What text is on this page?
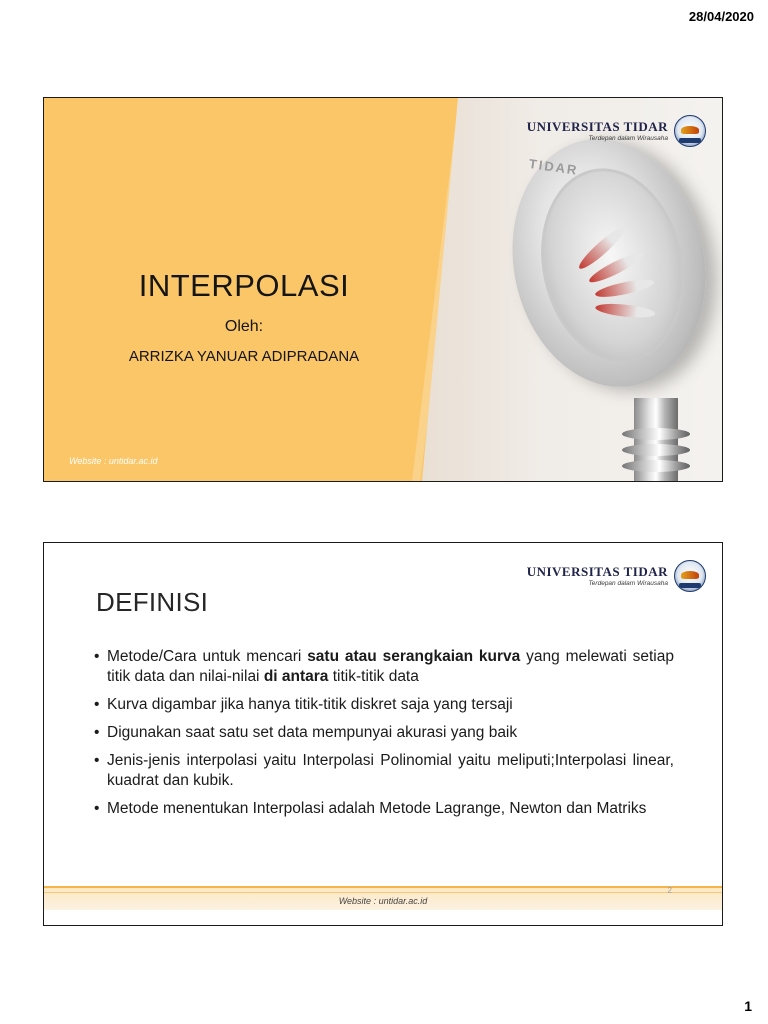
28/04/2020
TIDAR
UNIVERSITAS TIDAR
Terdepan dalam Wirausaha
INTERPOLASI
Oleh:
ARRIZKA YANUAR ADIPRADANA
Website : untidar.ac.id
UNIVERSITAS TIDAR
Terdepan dalam Wirausaha
DEFINISI
• Metode/Cara untuk mencari satu atau serangkaian kurva yang melewati setiap titik data dan nilai-nilai di antara titik-titik data
• Kurva digambar jika hanya titik-titik diskret saja yang tersaji
• Digunakan saat satu set data mempunyai akurasi yang baik
• Jenis-jenis interpolasi yaitu Interpolasi Polinomial yaitu meliputi;Interpolasi linear, kuadrat dan kubik.
• Metode menentukan Interpolasi adalah Metode Lagrange, Newton dan Matriks
Website : untidar.ac.id
2
1
